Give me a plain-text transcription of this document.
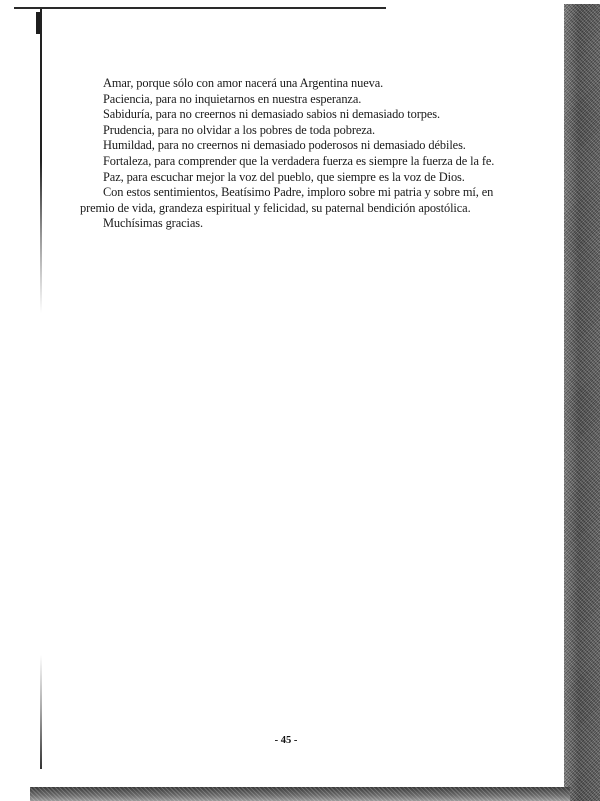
Amar, porque sólo con amor nacerá una Argentina nueva.

Paciencia, para no inquietarnos en nuestra esperanza.

Sabiduría, para no creernos ni demasiado sabios ni demasiado torpes.

Prudencia, para no olvidar a los pobres de toda pobreza.

Humildad, para no creernos ni demasiado poderosos ni demasiado débiles.

Fortaleza, para comprender que la verdadera fuerza es siempre la fuerza de la fe.

Paz, para escuchar mejor la voz del pueblo, que siempre es la voz de Dios.

Con estos sentimientos, Beatísimo Padre, imploro sobre mi patria y sobre mí, en premio de vida, grandeza espiritual y felicidad, su paternal bendición apostólica.

Muchísimas gracias.

- 45 -
